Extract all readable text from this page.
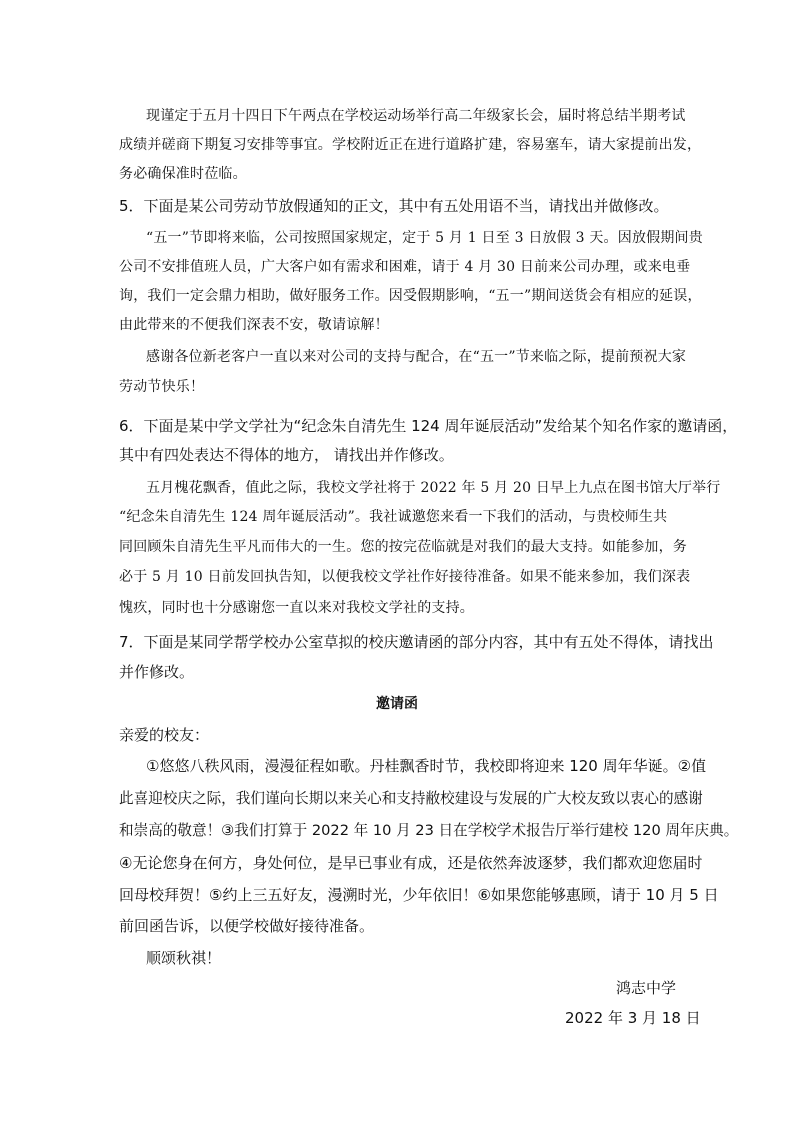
现谨定于五月十四日下午两点在学校运动场举行高二年级家长会，届时将总结半期考试
成绩并磋商下期复习安排等事宜。学校附近正在进行道路扩建，容易塞车，请大家提前出发，
务必确保准时莅临。
5．下面是某公司劳动节放假通知的正文，其中有五处用语不当，请找出并做修改。
“五一”节即将来临，公司按照国家规定，定于 5 月 1 日至 3 日放假 3 天。因放假期间贵
公司不安排值班人员，广大客户如有需求和困难，请于 4 月 30 日前来公司办理，或来电垂
询，我们一定会鼎力相助，做好服务工作。因受假期影响，“五一”期间送货会有相应的延误，
由此带来的不便我们深表不安，敬请谅解！
感谢各位新老客户一直以来对公司的支持与配合，在“五一”节来临之际，提前预祝大家
劳动节快乐！
6．下面是某中学文学社为“纪念朱自清先生 124 周年诞辰活动”发给某个知名作家的邀请函，
其中有四处表达不得体的地方， 请找出并作修改。
五月槐花飘香，值此之际，我校文学社将于 2022 年 5 月 20 日早上九点在图书馆大厅举行
“纪念朱自清先生 124 周年诞辰活动”。我社诚邀您来看一下我们的活动，与贵校师生共
同回顾朱自清先生平凡而伟大的一生。您的按完莅临就是对我们的最大支持。如能参加，务
必于 5 月 10 日前发回执告知，以便我校文学社作好接待准备。如果不能来参加，我们深表
愧疚，同时也十分感谢您一直以来对我校文学社的支持。
7．下面是某同学帮学校办公室草拟的校庆邀请函的部分内容，其中有五处不得体，请找出
并作修改。
邀请函
亲爱的校友：
①悠悠八秩风雨，漫漫征程如歌。丹桂飘香时节，我校即将迎来 120 周年华诞。②值
此喜迎校庆之际，我们谨向长期以来关心和支持敝校建设与发展的广大校友致以衷心的感谢
和崇高的敬意！③我们打算于 2022 年 10 月 23 日在学校学术报告厅举行建校 120 周年庆典。
④无论您身在何方，身处何位，是早已事业有成，还是依然奔波逐梦，我们都欢迎您届时
回母校拜贺！⑤约上三五好友，漫溯时光，少年依旧！⑥如果您能够惠顾，请于 10 月 5 日
前回函告诉，以便学校做好接待准备。
顺颂秋祺！
鸿志中学
2022 年 3 月 18 日
